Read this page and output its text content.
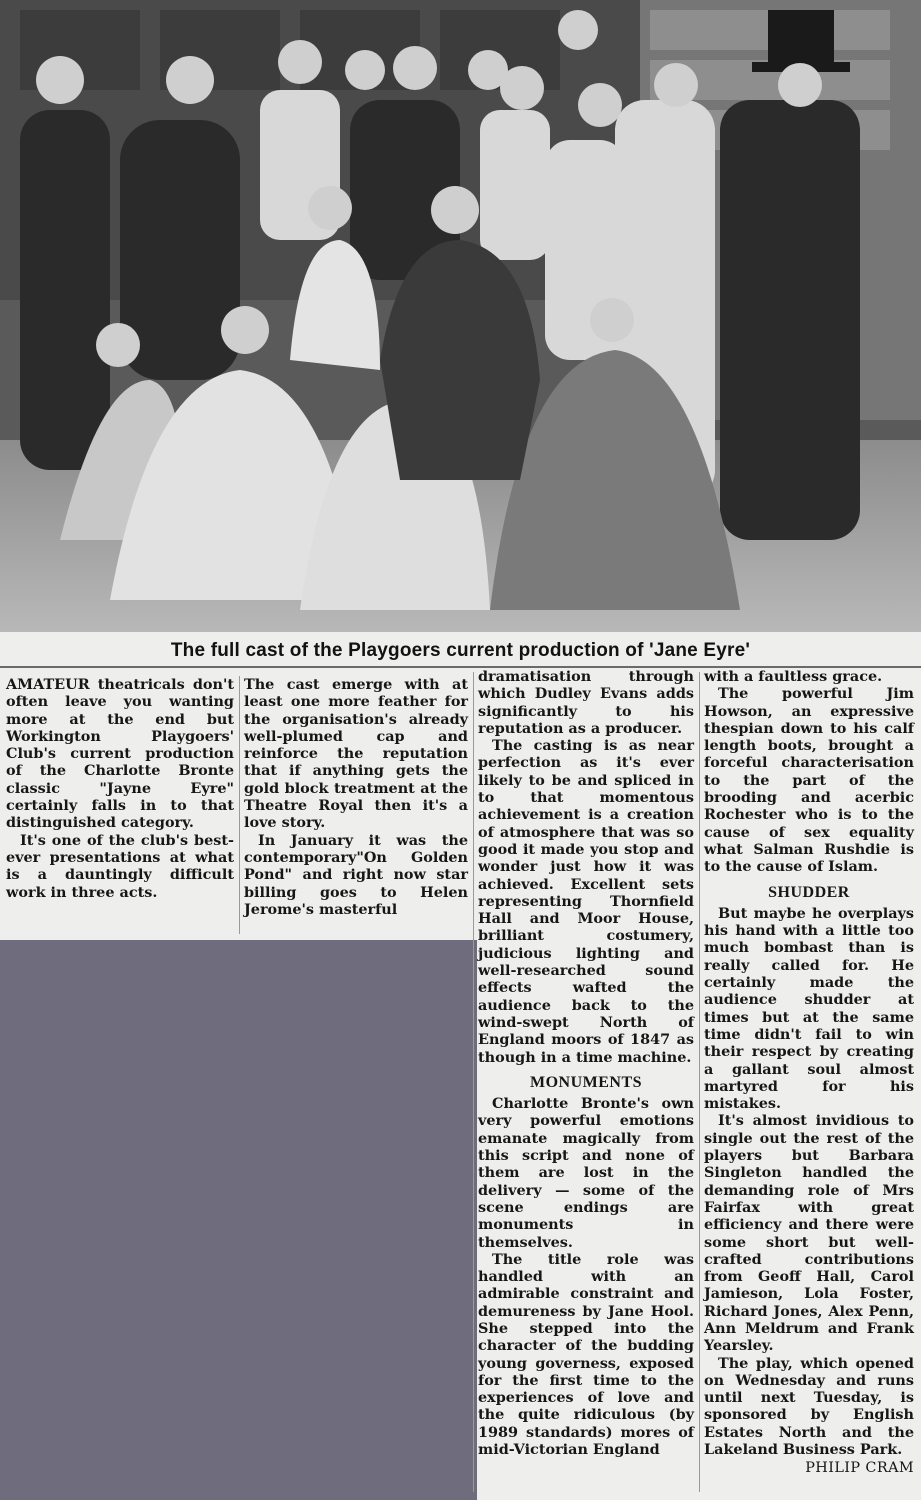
The full cast of the Playgoers current production of 'Jane Eyre'

AMATEUR theatricals don't often leave you wanting more at the end but Workington Playgoers' Club's current production of the Charlotte Bronte classic "Jayne Eyre" certainly falls in to that distinguished category.

It's one of the club's best-ever presentations at what is a dauntingly difficult work in three acts.

The cast emerge with at least one more feather for the organisation's already well-plumed cap and reinforce the reputation that if anything gets the gold block treatment at the Theatre Royal then it's a love story.

In January it was the contemporary"On Golden Pond" and right now star billing goes to Helen Jerome's masterful

dramatisation through which Dudley Evans adds significantly to his reputation as a producer.

The casting is as near perfection as it's ever likely to be and spliced in to that momentous achievement is a creation of atmosphere that was so good it made you stop and wonder just how it was achieved. Excellent sets representing Thornfield Hall and Moor House, brilliant costumery, judicious lighting and well-researched sound effects wafted the audience back to the wind-swept North of England moors of 1847 as though in a time machine.

MONUMENTS

Charlotte Bronte's own very powerful emotions emanate magically from this script and none of them are lost in the delivery — some of the scene endings are monuments in themselves.

The title role was handled with an admirable constraint and demureness by Jane Hool. She stepped into the character of the budding young governess, exposed for the first time to the experiences of love and the quite ridiculous (by 1989 standards) mores of mid-Victorian England

with a faultless grace.

The powerful Jim Howson, an expressive thespian down to his calf length boots, brought a forceful characterisation to the part of the brooding and acerbic Rochester who is to the cause of sex equality what Salman Rushdie is to the cause of Islam.

SHUDDER

But maybe he overplays his hand with a little too much bombast than is really called for. He certainly made the audience shudder at times but at the same time didn't fail to win their respect by creating a gallant soul almost martyred for his mistakes.

It's almost invidious to single out the rest of the players but Barbara Singleton handled the demanding role of Mrs Fairfax with great efficiency and there were some short but well-crafted contributions from Geoff Hall, Carol Jamieson, Lola Foster, Richard Jones, Alex Penn, Ann Meldrum and Frank Yearsley.

The play, which opened on Wednesday and runs until next Tuesday, is sponsored by English Estates North and the Lakeland Business Park.

PHILIP CRAM
